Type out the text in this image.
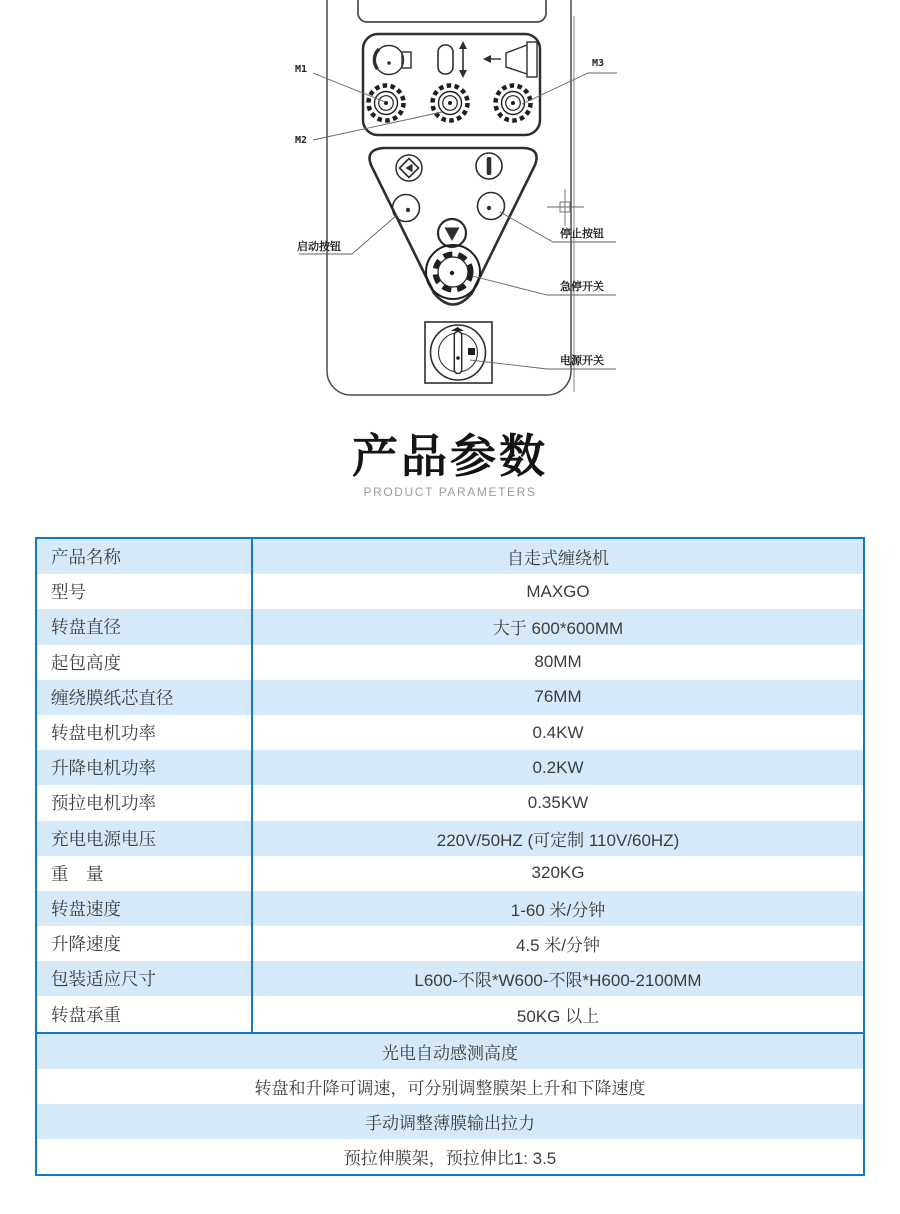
M1
M2
M3
启动按钮
停止按钮
急停开关
电源开关
产品参数
PRODUCT PARAMETERS
产品名称	自走式缠绕机
型号	MAXGO
转盘直径	大于 600*600MM
起包高度	80MM
缠绕膜纸芯直径	76MM
转盘电机功率	0.4KW
升降电机功率	0.2KW
预拉电机功率	0.35KW
充电电源电压	220V/50HZ (可定制 110V/60HZ)
重　量	320KG
转盘速度	1-60 米/分钟
升降速度	4.5 米/分钟
包装适应尺寸	L600-不限*W600-不限*H600-2100MM
转盘承重	50KG 以上
光电自动感测高度
转盘和升降可调速，可分别调整膜架上升和下降速度
手动调整薄膜输出拉力
预拉伸膜架，预拉伸比1: 3.5
